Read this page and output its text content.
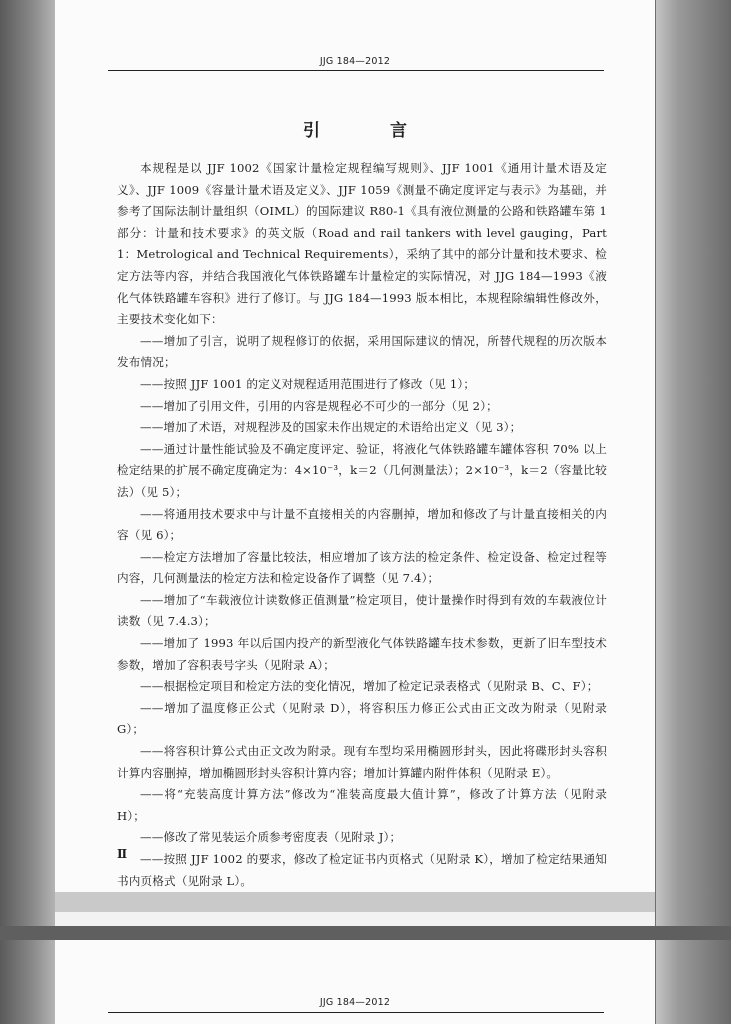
JJG 184—2012
引 言

本规程是以 JJF 1002《国家计量检定规程编写规则》、JJF 1001《通用计量术语及定义》、JJF 1009《容量计量术语及定义》、JJF 1059《测量不确定度评定与表示》为基础，并参考了国际法制计量组织（OIML）的国际建议 R80-1《具有液位测量的公路和铁路罐车第 1 部分：计量和技术要求》的英文版（Road and rail tankers with level gauging，Part 1：Metrological and Technical Requirements），采纳了其中的部分计量和技术要求、检定方法等内容，并结合我国液化气体铁路罐车计量检定的实际情况，对 JJG 184—1993《液化气体铁路罐车容积》进行了修订。与 JJG 184—1993 版本相比，本规程除编辑性修改外，主要技术变化如下：

——增加了引言，说明了规程修订的依据，采用国际建议的情况，所替代规程的历次版本发布情况；

——按照 JJF 1001 的定义对规程适用范围进行了修改（见 1）；

——增加了引用文件，引用的内容是规程必不可少的一部分（见 2）；

——增加了术语，对规程涉及的国家未作出规定的术语给出定义（见 3）；

——通过计量性能试验及不确定度评定、验证，将液化气体铁路罐车罐体容积 70% 以上检定结果的扩展不确定度确定为：4×10⁻³，k＝2（几何测量法）；2×10⁻³，k＝2（容量比较法）（见 5）；

——将通用技术要求中与计量不直接相关的内容删掉，增加和修改了与计量直接相关的内容（见 6）；

——检定方法增加了容量比较法，相应增加了该方法的检定条件、检定设备、检定过程等内容，几何测量法的检定方法和检定设备作了调整（见 7.4）；

——增加了“车载液位计读数修正值测量”检定项目，使计量操作时得到有效的车载液位计读数（见 7.4.3）；

——增加了 1993 年以后国内投产的新型液化气体铁路罐车技术参数，更新了旧车型技术参数，增加了容积表号字头（见附录 A）；

——根据检定项目和检定方法的变化情况，增加了检定记录表格式（见附录 B、C、F）；

——增加了温度修正公式（见附录 D），将容积压力修正公式由正文改为附录（见附录 G）；

——将容积计算公式由正文改为附录。现有车型均采用椭圆形封头，因此将碟形封头容积计算内容删掉，增加椭圆形封头容积计算内容；增加计算罐内附件体积（见附录 E）。

——将“充装高度计算方法”修改为“准装高度最大值计算”，修改了计算方法（见附录 H）；

——修改了常见装运介质参考密度表（见附录 J）；

——按照 JJF 1002 的要求，修改了检定证书内页格式（见附录 K），增加了检定结果通知书内页格式（见附录 L）。

Ⅱ
JJG 184—2012
